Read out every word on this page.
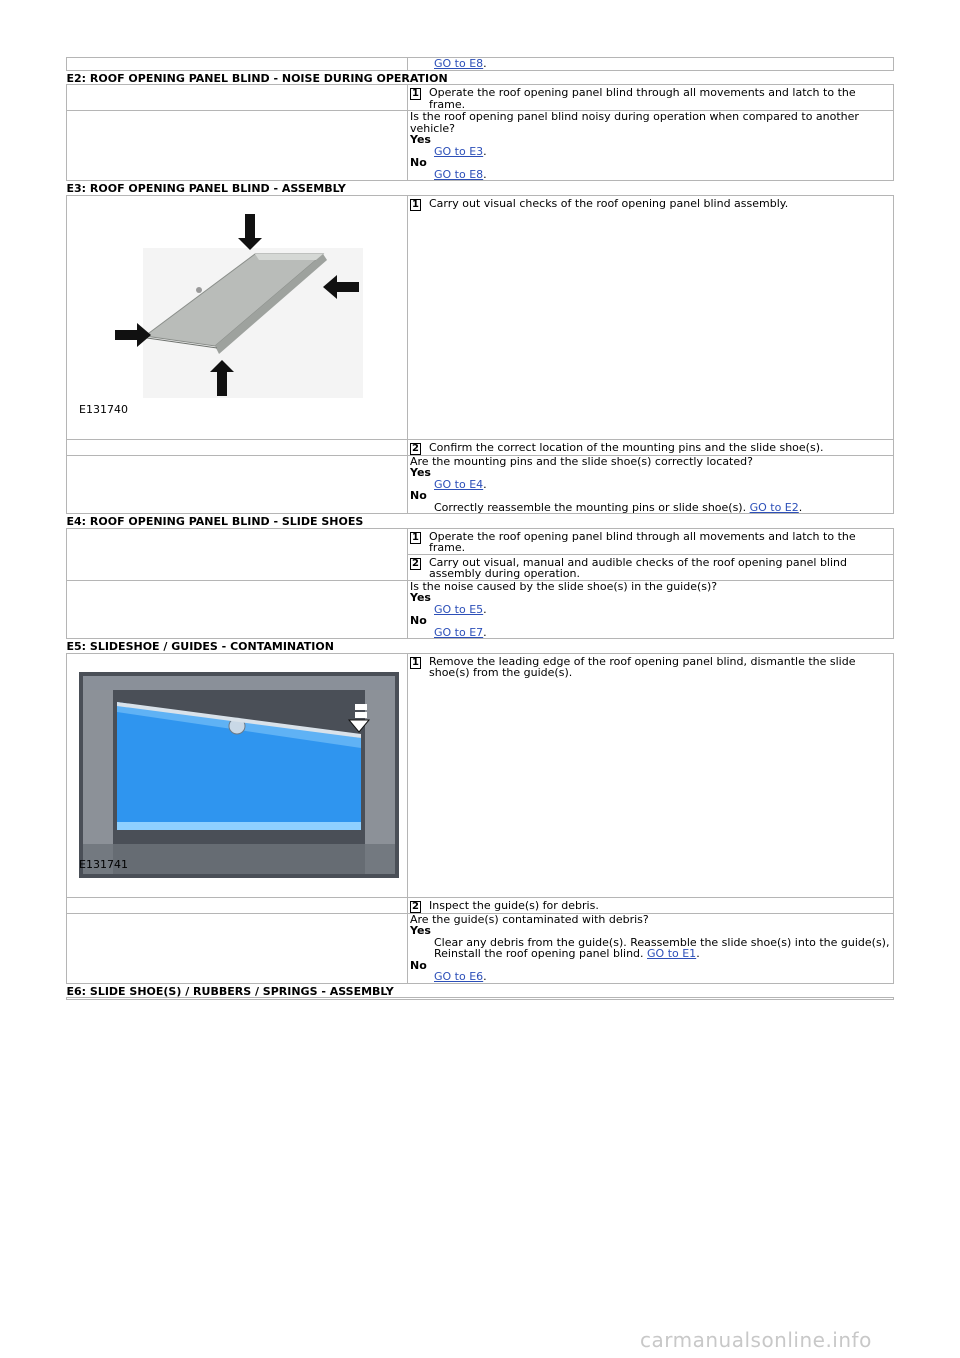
	GO to E8.
E2: ROOF OPENING PANEL BLIND - NOISE DURING OPERATION	

	1 Operate the roof opening panel blind through all movements and latch to the frame.

	Is the roof opening panel blind noisy during operation when compared to another vehicle?
Yes
GO to E3.
No
GO to E8.

E3: ROOF OPENING PANEL BLIND - ASSEMBLY	

E131740	1 Carry out visual checks of the roof opening panel blind assembly.

	2 Confirm the correct location of the mounting pins and the slide shoe(s).

	Are the mounting pins and the slide shoe(s) correctly located?
Yes
GO to E4.
No
Correctly reassemble the mounting pins or slide shoe(s). GO to E2.

E4: ROOF OPENING PANEL BLIND - SLIDE SHOES	

	1 Operate the roof opening panel blind through all movements and latch to the frame.

	2 Carry out visual, manual and audible checks of the roof opening panel blind assembly during operation.

	Is the noise caused by the slide shoe(s) in the guide(s)?
Yes
GO to E5.
No
GO to E7.

E5: SLIDESHOE / GUIDES - CONTAMINATION	

E131741	1 Remove the leading edge of the roof opening panel blind, dismantle the slide shoe(s) from the guide(s).

	2 Inspect the guide(s) for debris.

	Are the guide(s) contaminated with debris?
Yes
Clear any debris from the guide(s). Reassemble the slide shoe(s) into the guide(s), Reinstall the roof opening panel blind. GO to E1.
No
GO to E6.

E6: SLIDE SHOE(S) / RUBBERS / SPRINGS - ASSEMBLY	

carmanualsonline.info
